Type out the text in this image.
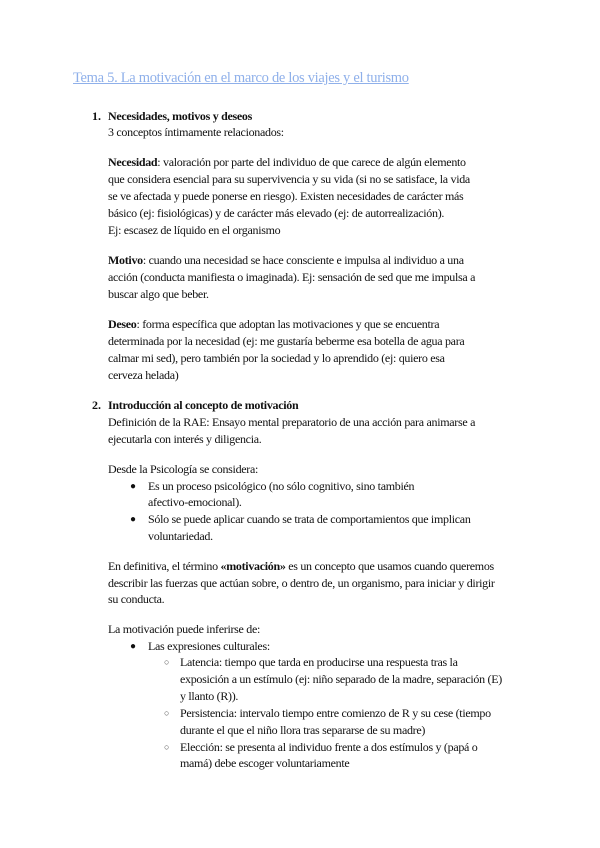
Tema 5. La motivación en el marco de los viajes y el turismo
1. Necesidades, motivos y deseos
2. Introducción al concepto de motivación
●
●
●
○
○
○
3 conceptos íntimamente relacionados:
Necesidad: valoración por parte del individuo de que carece de algún elemento
que considera esencial para su supervivencia y su vida (si no se satisface, la vida
se ve afectada y puede ponerse en riesgo). Existen necesidades de carácter más
básico (ej: fisiológicas) y de carácter más elevado (ej: de autorrealización).
Ej: escasez de líquido en el organismo
Motivo: cuando una necesidad se hace consciente e impulsa al individuo a una
acción (conducta manifiesta o imaginada). Ej: sensación de sed que me impulsa a
buscar algo que beber.
Deseo: forma específica que adoptan las motivaciones y que se encuentra
determinada por la necesidad (ej: me gustaría beberme esa botella de agua para
calmar mi sed), pero también por la sociedad y lo aprendido (ej: quiero esa
cerveza helada)
Definición de la RAE: Ensayo mental preparatorio de una acción para animarse a
ejecutarla con interés y diligencia.
Desde la Psicología se considera:
Es un proceso psicológico (no sólo cognitivo, sino también
afectivo-emocional).
Sólo se puede aplicar cuando se trata de comportamientos que implican
voluntariedad.
En definitiva, el término «motivación» es un concepto que usamos cuando queremos
describir las fuerzas que actúan sobre, o dentro de, un organismo, para iniciar y dirigir
su conducta.
La motivación puede inferirse de:
Las expresiones culturales:
Latencia: tiempo que tarda en producirse una respuesta tras la
exposición a un estímulo (ej: niño separado de la madre, separación (E)
y llanto (R)).
Persistencia: intervalo tiempo entre comienzo de R y su cese (tiempo
durante el que el niño llora tras separarse de su madre)
Elección: se presenta al individuo frente a dos estímulos y (papá o
mamá) debe escoger voluntariamente
